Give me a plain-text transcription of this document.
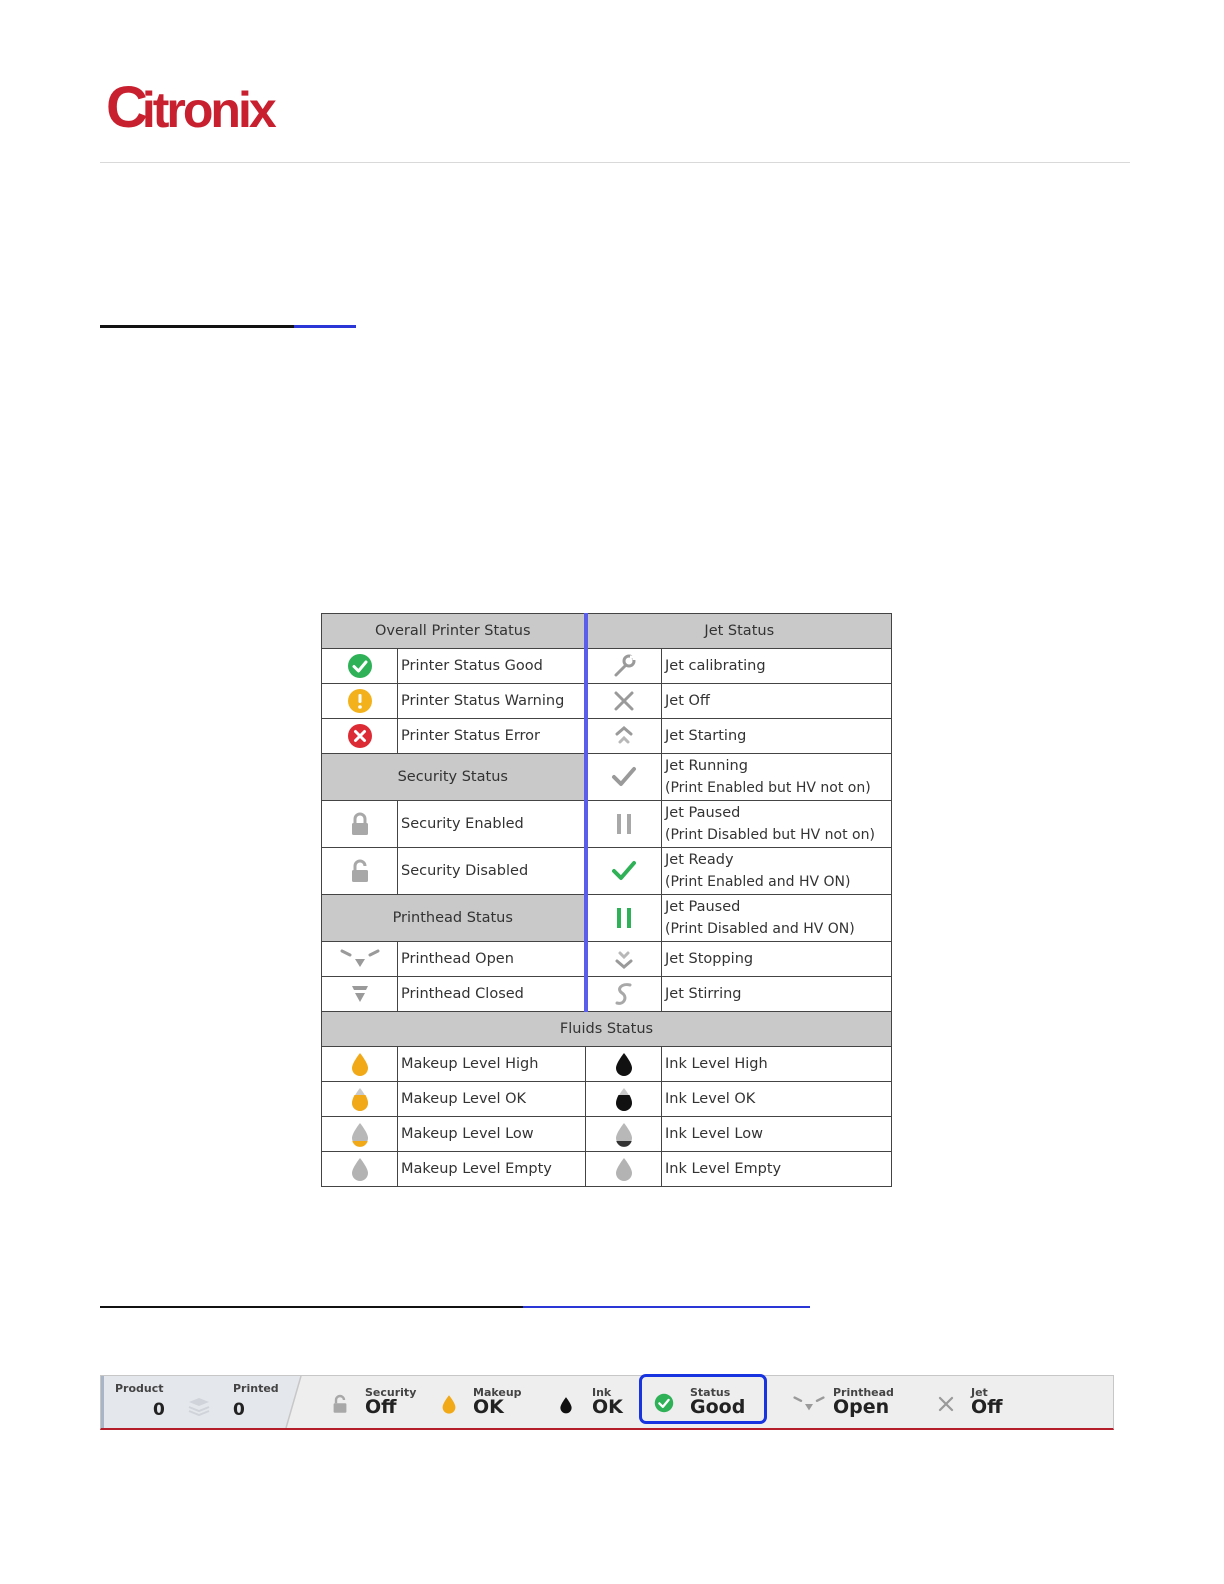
Citronix
Overall Printer Status		Jet Status	
	Printer Status Good		Jet calibrating
	Printer Status Warning		Jet Off
	Printer Status Error		Jet Starting
Security Status			Jet Running
(Print Enabled but HV not on)

	Security Enabled		Jet Paused
(Print Disabled but HV not on)

	Security Disabled		Jet Ready
(Print Enabled and HV ON)

Printhead Status			Jet Paused
(Print Disabled and HV ON)

	Printhead Open		Jet Stopping
	Printhead Closed		Jet Stirring
Fluids Status			
	Makeup Level High		Ink Level High
	Makeup Level OK		Ink Level OK
	Makeup Level Low		Ink Level Low
	Makeup Level Empty		Ink Level Empty
Product
0
Printed
0
Security
Off
Makeup
OK
Ink
OK
Status
Good
Printhead
Open
Jet
Off
